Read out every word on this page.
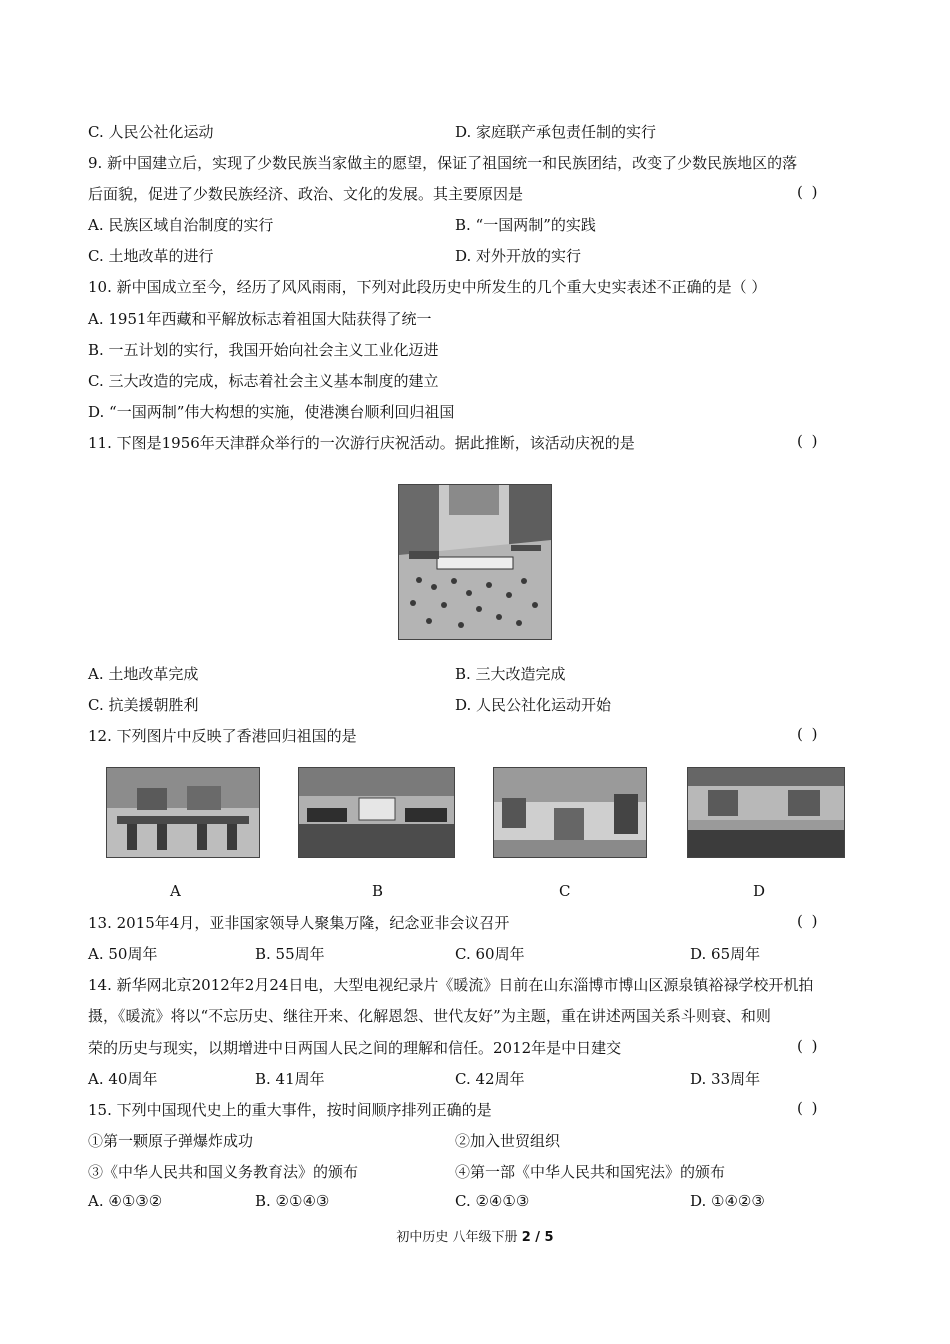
C. 人民公社化运动	D. 家庭联产承包责任制的实行
9. 新中国建立后，实现了少数民族当家做主的愿望，保证了祖国统一和民族团结，改变了少数民族地区的落
后面貌，促进了少数民族经济、政治、文化的发展。其主要原因是	( )
A. 民族区域自治制度的实行	B. “一国两制”的实践
C. 土地改革的进行	D. 对外开放的实行
10. 新中国成立至今，经历了风风雨雨，下列对此段历史中所发生的几个重大史实表述不正确的是（ ）
A. 1951年西藏和平解放标志着祖国大陆获得了统一
B. 一五计划的实行，我国开始向社会主义工业化迈进
C. 三大改造的完成，标志着社会主义基本制度的建立
D. “一国两制”伟大构想的实施，使港澳台顺利回归祖国
11. 下图是1956年天津群众举行的一次游行庆祝活动。据此推断，该活动庆祝的是	( )
A. 土地改革完成	B. 三大改造完成
C. 抗美援朝胜利	D. 人民公社化运动开始
12. 下列图片中反映了香港回归祖国的是	( )
A	B	C	D
13. 2015年4月，亚非国家领导人聚集万隆，纪念亚非会议召开	( )
A. 50周年	B. 55周年	C. 60周年	D. 65周年
14. 新华网北京2012年2月24日电，大型电视纪录片《暖流》日前在山东淄博市博山区源泉镇裕禄学校开机拍
摄，《暖流》将以“不忘历史、继往开来、化解恩怨、世代友好”为主题，重在讲述两国关系斗则衰、和则
荣的历史与现实，以期增进中日两国人民之间的理解和信任。2012年是中日建交	( )
A. 40周年	B. 41周年	C. 42周年	D. 33周年
15. 下列中国现代史上的重大事件，按时间顺序排列正确的是	( )
①第一颗原子弹爆炸成功	②加入世贸组织
③《中华人民共和国义务教育法》的颁布	④第一部《中华人民共和国宪法》的颁布
A. ④①③②	B. ②①④③	C. ②④①③	D. ①④②③
初中历史 八年级下册 2 / 5
